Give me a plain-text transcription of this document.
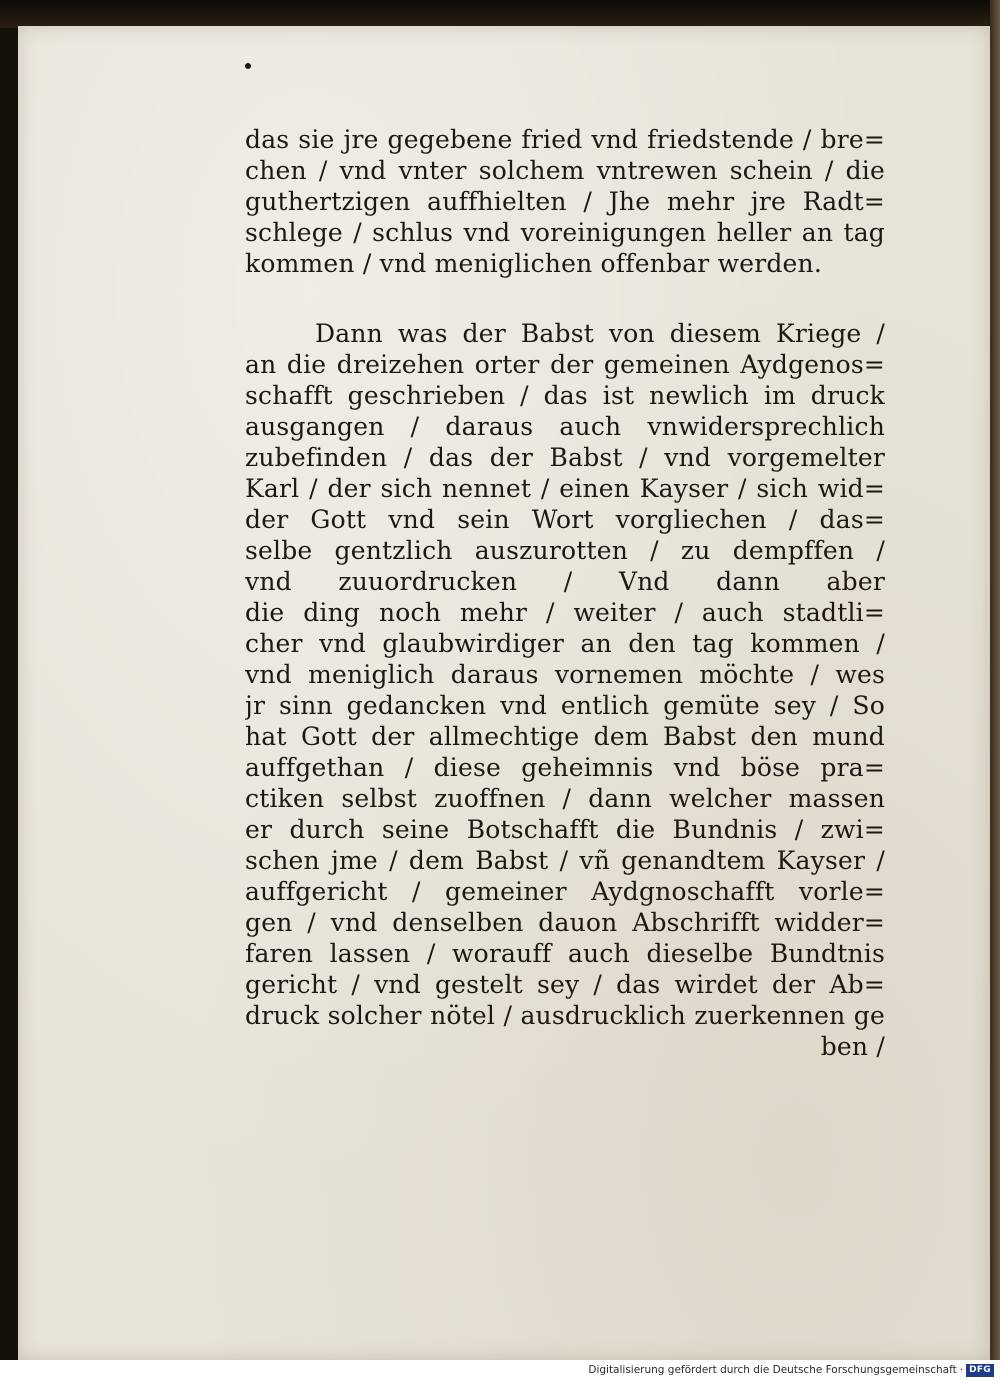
das sie jre gegebene fried vnd friedstende / bre=
chen / vnd vnter solchem vntrewen schein / die
guthertzigen auffhielten / Jhe mehr jre Radt=
schlege / schlus vnd voreinigungen heller an tag
kommen / vnd meniglichen offenbar werden.
Dann was der Babst von diesem Kriege /
an die dreizehen orter der gemeinen Aydgenos=
schafft geschrieben / das ist newlich im druck
ausgangen / daraus auch vnwidersprechlich
zubefinden / das der Babst / vnd vorgemelter
Karl / der sich nennet / einen Kayser / sich wid=
der Gott vnd sein Wort vorgliechen / das=
selbe gentzlich auszurotten / zu dempffen /
vnd zuuordrucken / Vnd dann aber
die ding noch mehr / weiter / auch stadtli=
cher vnd glaubwirdiger an den tag kommen /
vnd meniglich daraus vornemen möchte / wes
jr sinn gedancken vnd entlich gemüte sey / So
hat Gott der allmechtige dem Babst den mund
auffgethan / diese geheimnis vnd böse pra=
ctiken selbst zuoffnen / dann welcher massen
er durch seine Botschafft die Bundnis / zwi=
schen jme / dem Babst / vñ genandtem Kayser /
auffgericht / gemeiner Aydgnoschafft vorle=
gen / vnd denselben dauon Abschrifft widder=
faren lassen / worauff auch dieselbe Bundtnis
gericht / vnd gestelt sey / das wirdet der Ab=
druck solcher nötel / ausdrucklich zuerkennen ge
ben /
Digitalisierung gefördert durch die Deutsche Forschungsgemeinschaft · DFG
